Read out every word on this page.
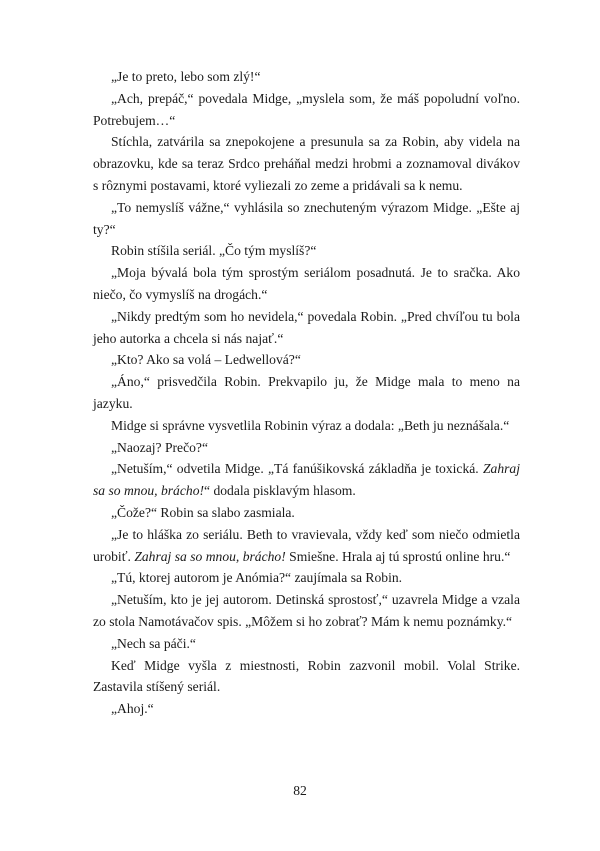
„Je to preto, lebo som zlý!“

„Ach, prepáč,“ povedala Midge, „myslela som, že máš popoludní voľno. Potrebujem…“

Stíchla, zatvárila sa znepokojene a presunula sa za Robin, aby videla na obrazovku, kde sa teraz Srdco preháňal medzi hrobmi a zoznamoval divákov s rôznymi postavami, ktoré vyliezali zo zeme a pridávali sa k nemu.

„To nemyslíš vážne,“ vyhlásila so znechuteným výrazom Midge. „Ešte aj ty?“

Robin stíšila seriál. „Čo tým myslíš?“

„Moja bývalá bola tým sprostým seriálom posadnutá. Je to sračka. Ako niečo, čo vymyslíš na drogách.“

„Nikdy predtým som ho nevidela,“ povedala Robin. „Pred chvíľou tu bola jeho autorka a chcela si nás najať.“

„Kto? Ako sa volá – Ledwellová?“

„Áno,“ prisvedčila Robin. Prekvapilo ju, že Midge mala to meno na jazyku.

Midge si správne vysvetlila Robinin výraz a dodala: „Beth ju neznášala.“

„Naozaj? Prečo?“

„Netuším,“ odvetila Midge. „Tá fanúšikovská základňa je toxická. Zahraj sa so mnou, brácho!“ dodala pisklavým hlasom.

„Čože?“ Robin sa slabo zasmiala.

„Je to hláška zo seriálu. Beth to vravievala, vždy keď som niečo odmietla urobiť. Zahraj sa so mnou, brácho! Smiešne. Hrala aj tú sprostú online hru.“

„Tú, ktorej autorom je Anómia?“ zaujímala sa Robin.

„Netuším, kto je jej autorom. Detinská sprostosť,“ uzavrela Midge a vzala zo stola Namotávačov spis. „Môžem si ho zobrať? Mám k nemu poznámky.“

„Nech sa páči.“

Keď Midge vyšla z miestnosti, Robin zazvonil mobil. Volal Strike. Zastavila stíšený seriál.

„Ahoj.“

82
